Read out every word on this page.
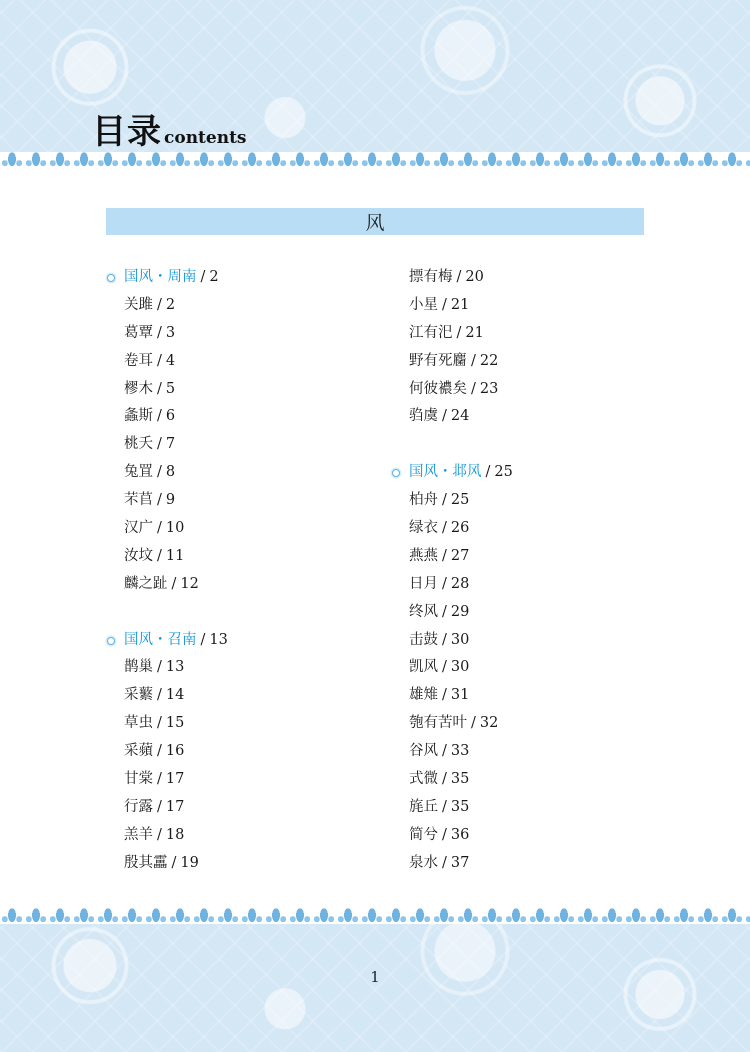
目录 contents
风
国风・周南 / 2
关雎 / 2
葛覃 / 3
卷耳 / 4
樛木 / 5
螽斯 / 6
桃夭 / 7
兔罝 / 8
芣苢 / 9
汉广 / 10
汝坟 / 11
麟之趾 / 12
国风・召南 / 13
鹊巢 / 13
采蘩 / 14
草虫 / 15
采蘋 / 16
甘棠 / 17
行露 / 17
羔羊 / 18
殷其靁 / 19
摽有梅 / 20
小星 / 21
江有汜 / 21
野有死麕 / 22
何彼襛矣 / 23
驺虞 / 24
国风・邶风 / 25
柏舟 / 25
绿衣 / 26
燕燕 / 27
日月 / 28
终风 / 29
击鼓 / 30
凯风 / 30
雄雉 / 31
匏有苦叶 / 32
谷风 / 33
式微 / 35
旄丘 / 35
简兮 / 36
泉水 / 37
1
